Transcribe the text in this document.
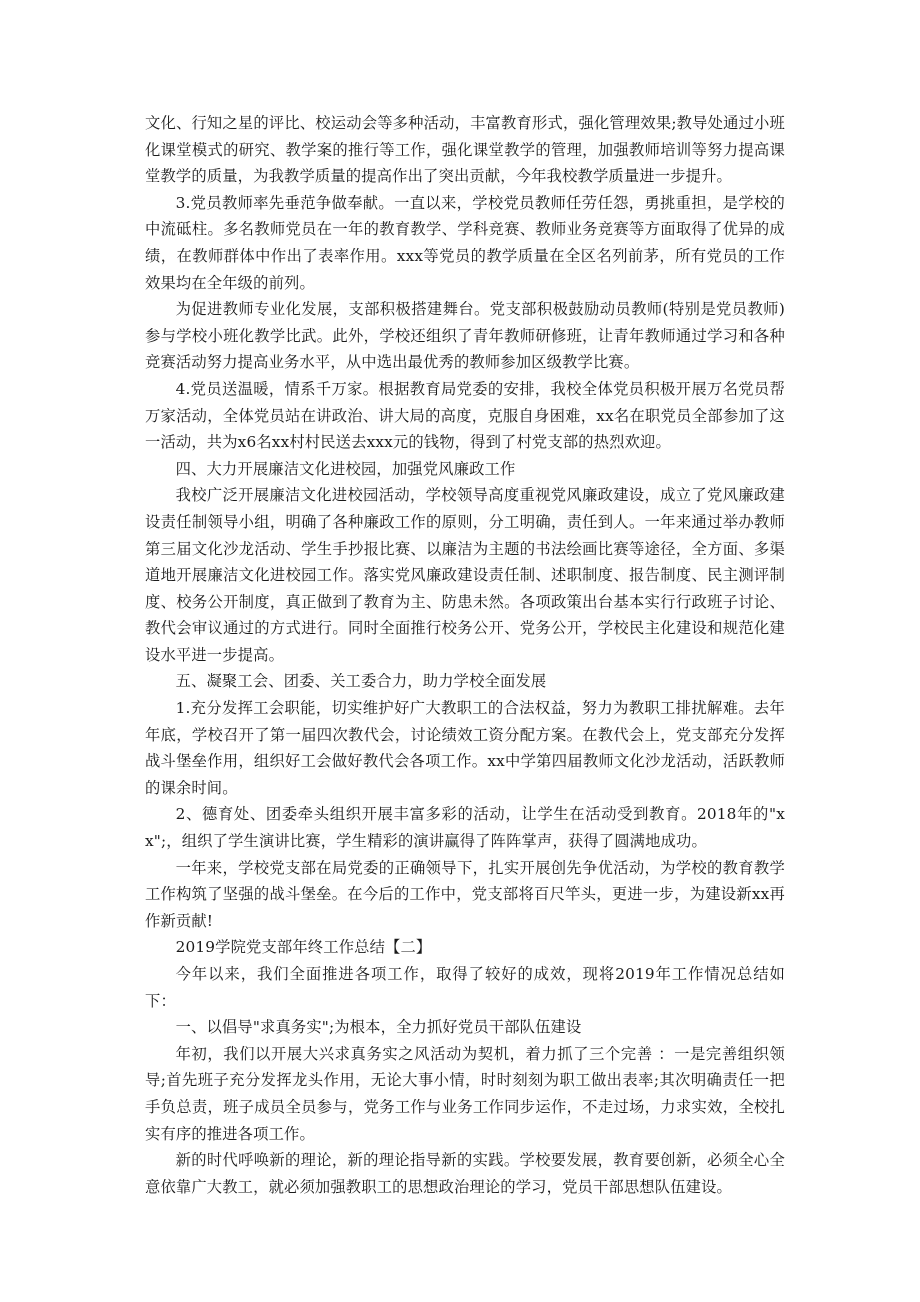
文化、行知之星的评比、校运动会等多种活动，丰富教育形式，强化管理效果;教导处通过小班化课堂模式的研究、教学案的推行等工作，强化课堂教学的管理，加强教师培训等努力提高课堂教学的质量，为我教学质量的提高作出了突出贡献，今年我校教学质量进一步提升。

3.党员教师率先垂范争做奉献。一直以来，学校党员教师任劳任怨，勇挑重担，是学校的中流砥柱。多名教师党员在一年的教育教学、学科竞赛、教师业务竞赛等方面取得了优异的成绩，在教师群体中作出了表率作用。xxx等党员的教学质量在全区名列前茅，所有党员的工作效果均在全年级的前列。

为促进教师专业化发展，支部积极搭建舞台。党支部积极鼓励动员教师(特别是党员教师)参与学校小班化教学比武。此外，学校还组织了青年教师研修班，让青年教师通过学习和各种竞赛活动努力提高业务水平，从中选出最优秀的教师参加区级教学比赛。

4.党员送温暖，情系千万家。根据教育局党委的安排，我校全体党员积极开展万名党员帮万家活动，全体党员站在讲政治、讲大局的高度，克服自身困难，xx名在职党员全部参加了这一活动，共为x6名xx村村民送去xxx元的钱物，得到了村党支部的热烈欢迎。

四、大力开展廉洁文化进校园，加强党风廉政工作

我校广泛开展廉洁文化进校园活动，学校领导高度重视党风廉政建设，成立了党风廉政建设责任制领导小组，明确了各种廉政工作的原则，分工明确，责任到人。一年来通过举办教师第三届文化沙龙活动、学生手抄报比赛、以廉洁为主题的书法绘画比赛等途径，全方面、多渠道地开展廉洁文化进校园工作。落实党风廉政建设责任制、述职制度、报告制度、民主测评制度、校务公开制度，真正做到了教育为主、防患未然。各项政策出台基本实行行政班子讨论、教代会审议通过的方式进行。同时全面推行校务公开、党务公开，学校民主化建设和规范化建设水平进一步提高。

五、凝聚工会、团委、关工委合力，助力学校全面发展

1.充分发挥工会职能，切实维护好广大教职工的合法权益，努力为教职工排扰解难。去年年底，学校召开了第一届四次教代会，讨论绩效工资分配方案。在教代会上，党支部充分发挥战斗堡垒作用，组织好工会做好教代会各项工作。xx中学第四届教师文化沙龙活动，活跃教师的课余时间。

2、德育处、团委牵头组织开展丰富多彩的活动，让学生在活动受到教育。2018年的"xx";，组织了学生演讲比赛，学生精彩的演讲赢得了阵阵掌声，获得了圆满地成功。

一年来，学校党支部在局党委的正确领导下，扎实开展创先争优活动，为学校的教育教学工作构筑了坚强的战斗堡垒。在今后的工作中，党支部将百尺竿头，更进一步，为建设新xx再作新贡献!

2019学院党支部年终工作总结【二】

今年以来，我们全面推进各项工作，取得了较好的成效，现将2019年工作情况总结如下：

一、以倡导"求真务实";为根本，全力抓好党员干部队伍建设

年初，我们以开展大兴求真务实之风活动为契机，着力抓了三个完善 ：一是完善组织领导;首先班子充分发挥龙头作用，无论大事小情，时时刻刻为职工做出表率;其次明确责任一把手负总责，班子成员全员参与，党务工作与业务工作同步运作，不走过场，力求实效，全校扎实有序的推进各项工作。

新的时代呼唤新的理论，新的理论指导新的实践。学校要发展，教育要创新，必须全心全意依靠广大教工，就必须加强教职工的思想政治理论的学习，党员干部思想队伍建设。
